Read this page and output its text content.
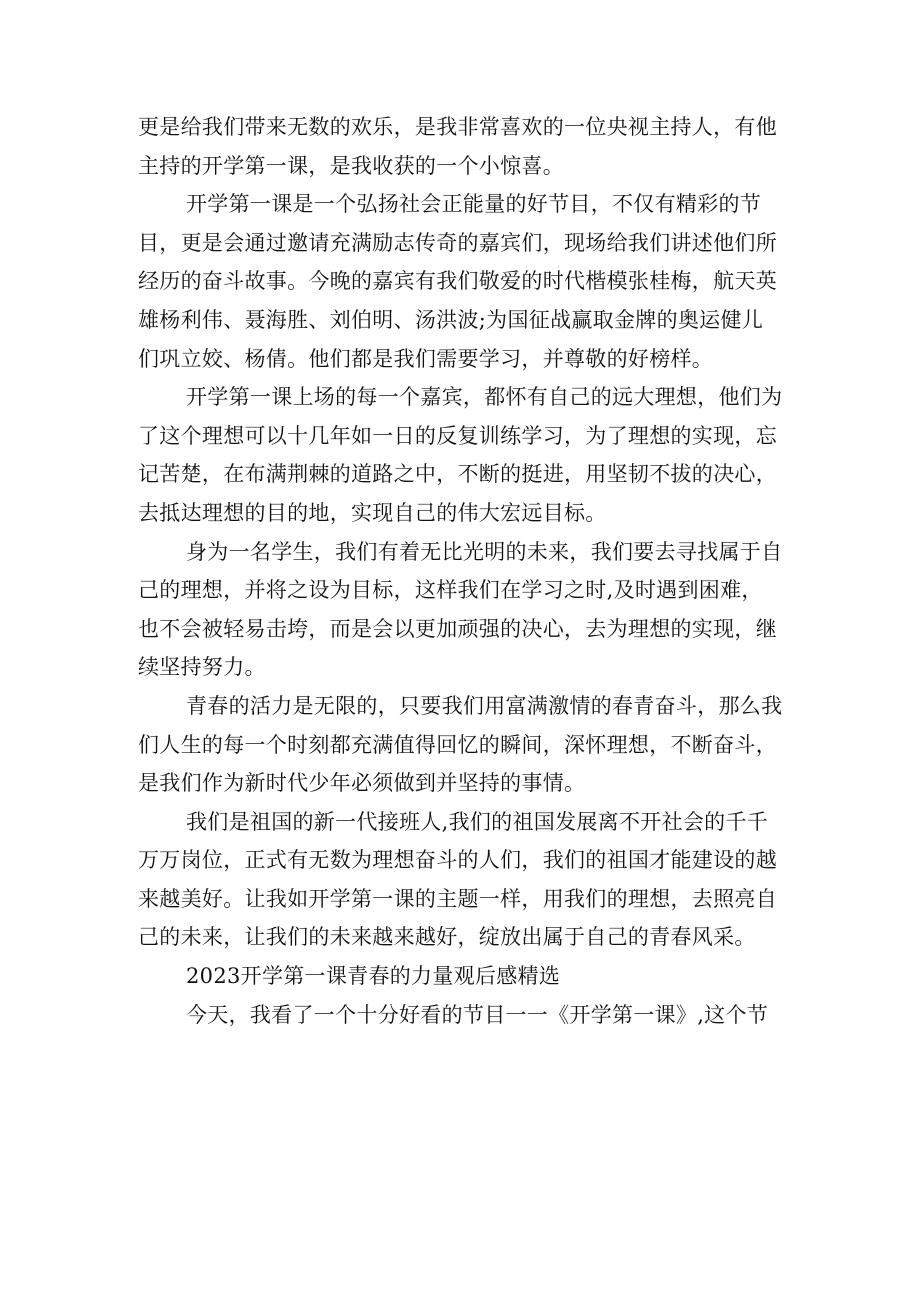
更是给我们带来无数的欢乐，是我非常喜欢的一位央视主持人，有他
主持的开学第一课，是我收获的一个小惊喜。

开学第一课是一个弘扬社会正能量的好节目，不仅有精彩的节
目，更是会通过邀请充满励志传奇的嘉宾们，现场给我们讲述他们所
经历的奋斗故事。今晚的嘉宾有我们敬爱的时代楷模张桂梅，航天英
雄杨利伟、聂海胜、刘伯明、汤洪波;为国征战赢取金牌的奥运健儿
们巩立姣、杨倩。他们都是我们需要学习，并尊敬的好榜样。

开学第一课上场的每一个嘉宾，都怀有自己的远大理想，他们为
了这个理想可以十几年如一日的反复训练学习，为了理想的实现，忘
记苦楚，在布满荆棘的道路之中，不断的挺进，用坚韧不拔的决心，
去抵达理想的目的地，实现自己的伟大宏远目标。

身为一名学生，我们有着无比光明的未来，我们要去寻找属于自
己的理想，并将之设为目标，这样我们在学习之时,及时遇到困难，
也不会被轻易击垮，而是会以更加顽强的决心，去为理想的实现，继
续坚持努力。

青春的活力是无限的，只要我们用富满激情的春青奋斗，那么我
们人生的每一个时刻都充满值得回忆的瞬间，深怀理想，不断奋斗，
是我们作为新时代少年必须做到并坚持的事情。

我们是祖国的新一代接班人,我们的祖国发展离不开社会的千千
万万岗位，正式有无数为理想奋斗的人们，我们的祖国才能建设的越
来越美好。让我如开学第一课的主题一样，用我们的理想，去照亮自
己的未来，让我们的未来越来越好，绽放出属于自己的青春风采。

2023开学第一课青春的力量观后感精选

今天，我看了一个十分好看的节目一一《开学第一课》,这个节
